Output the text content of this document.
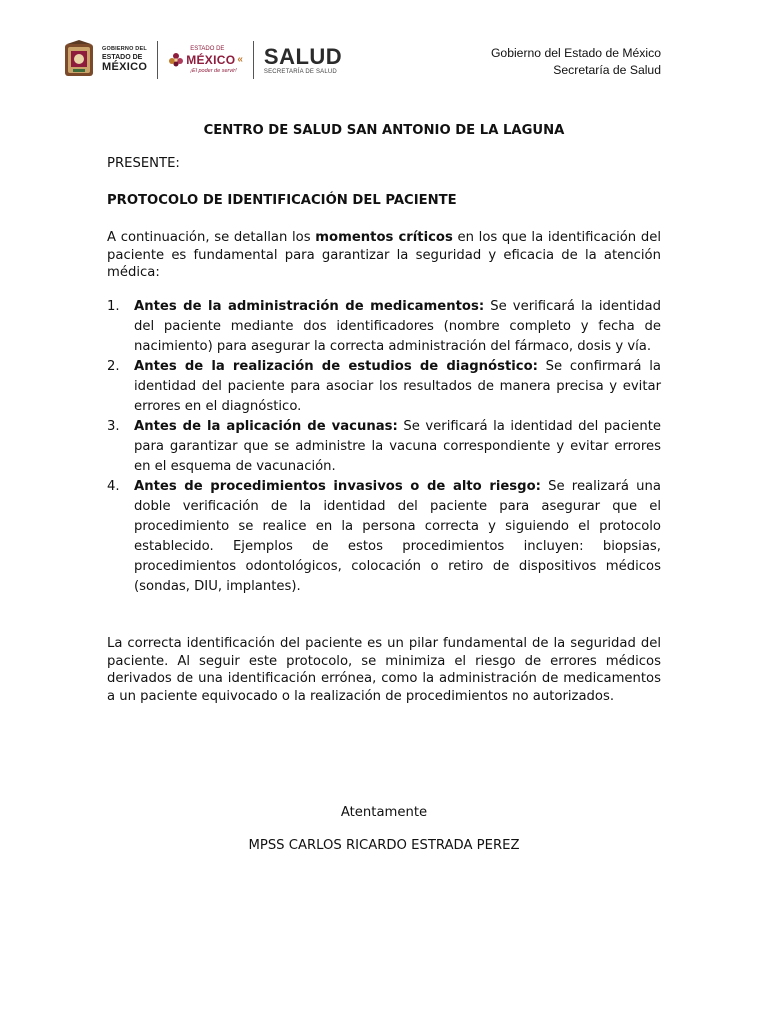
GOBIERNO DEL
ESTADO DE
MÉXICO
ESTADO DE
MÉXICO «
¡El poder de servir!
SALUD
SECRETARÍA DE SALUD
Gobierno del Estado de México
Secretaría de Salud
CENTRO DE SALUD SAN ANTONIO DE LA LAGUNA
PRESENTE:
PROTOCOLO DE IDENTIFICACIÓN DEL PACIENTE
A continuación, se detallan los momentos críticos en los que la identificación del paciente es fundamental para garantizar la seguridad y eficacia de la atención médica:
1. Antes de la administración de medicamentos: Se verificará la identidad del paciente mediante dos identificadores (nombre completo y fecha de nacimiento) para asegurar la correcta administración del fármaco, dosis y vía.
2. Antes de la realización de estudios de diagnóstico: Se confirmará la identidad del paciente para asociar los resultados de manera precisa y evitar errores en el diagnóstico.
3. Antes de la aplicación de vacunas: Se verificará la identidad del paciente para garantizar que se administre la vacuna correspondiente y evitar errores en el esquema de vacunación.
4. Antes de procedimientos invasivos o de alto riesgo: Se realizará una doble verificación de la identidad del paciente para asegurar que el procedimiento se realice en la persona correcta y siguiendo el protocolo establecido. Ejemplos de estos procedimientos incluyen: biopsias, procedimientos odontológicos, colocación o retiro de dispositivos médicos (sondas, DIU, implantes).
La correcta identificación del paciente es un pilar fundamental de la seguridad del paciente. Al seguir este protocolo, se minimiza el riesgo de errores médicos derivados de una identificación errónea, como la administración de medicamentos a un paciente equivocado o la realización de procedimientos no autorizados.
Atentamente
MPSS CARLOS RICARDO ESTRADA PEREZ
